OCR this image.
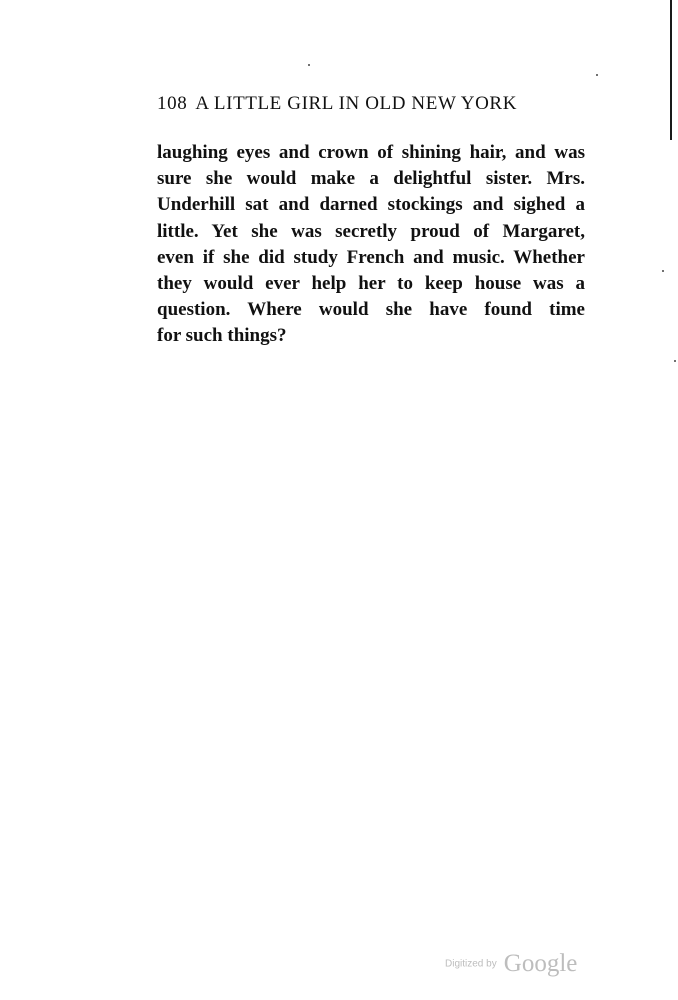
108 A LITTLE GIRL IN OLD NEW YORK
laughing eyes and crown of shining hair, and was
sure she would make a delightful sister. Mrs.
Underhill sat and darned stockings and sighed a
little. Yet she was secretly proud of Margaret,
even if she did study French and music. Whether
they would ever help her to keep house was a
question. Where would she have found time
for such things?
Digitized by Google
